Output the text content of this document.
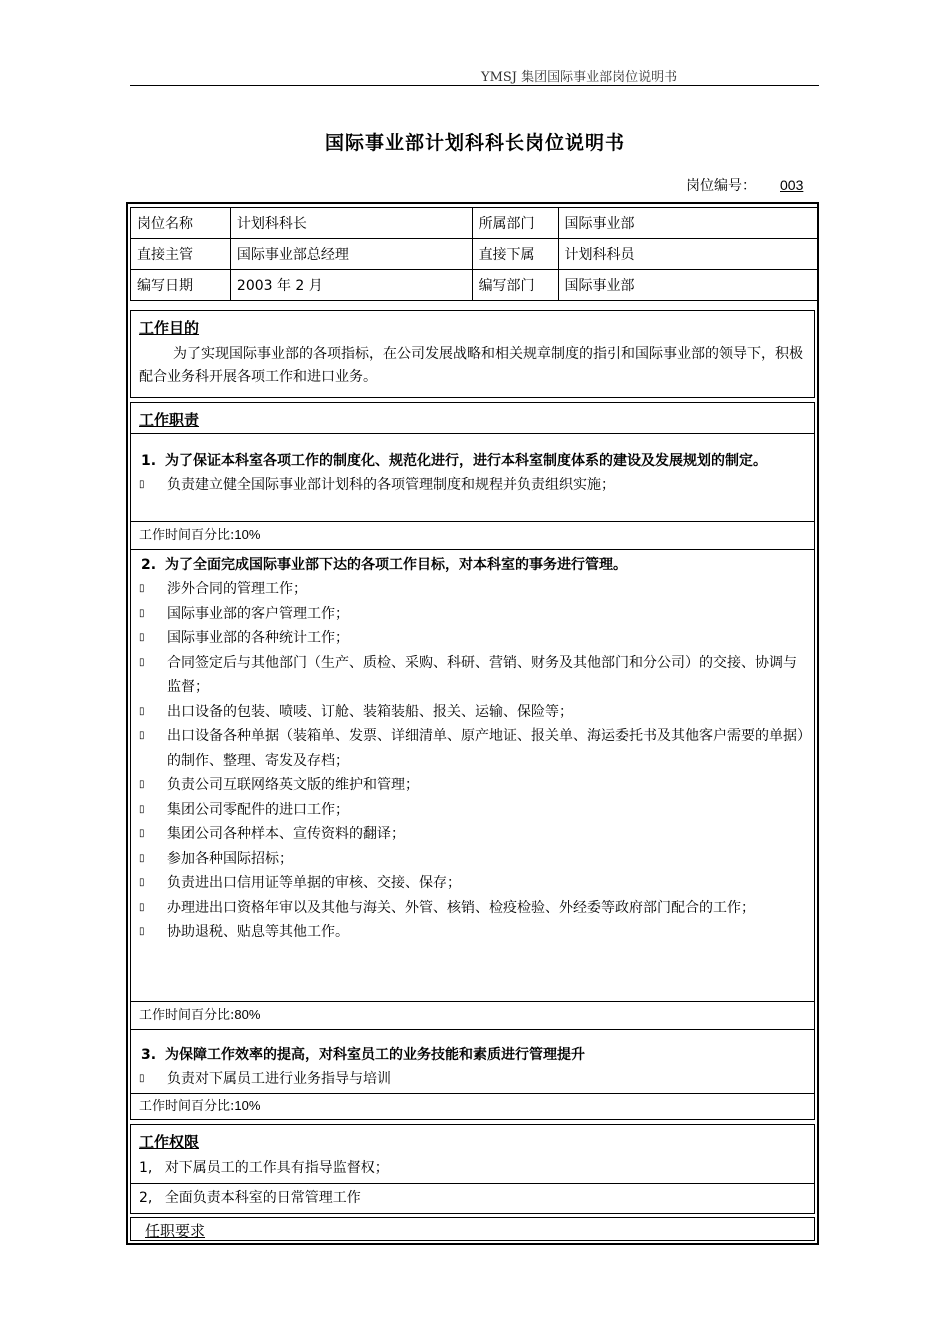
YMSJ 集团国际事业部岗位说明书
国际事业部计划科科长岗位说明书
岗位编号： 003
岗位名称	计划科科长	所属部门	国际事业部
直接主管	国际事业部总经理	直接下属	计划科科员
编写日期	2003 年 2 月	编写部门	国际事业部
工作目的
为了实现国际事业部的各项指标，在公司发展战略和相关规章制度的指引和国际事业部的领导下，积极配合业务科开展各项工作和进口业务。
工作职责
1. 为了保证本科室各项工作的制度化、规范化进行，进行本科室制度体系的建设及发展规划的制定。
▯ 负责建立健全国际事业部计划科的各项管理制度和规程并负责组织实施；
工作时间百分比:10%
2. 为了全面完成国际事业部下达的各项工作目标，对本科室的事务进行管理。
▯ 涉外合同的管理工作；
▯ 国际事业部的客户管理工作；
▯ 国际事业部的各种统计工作；
▯ 合同签定后与其他部门（生产、质检、采购、科研、营销、财务及其他部门和分公司）的交接、协调与监督；
▯ 出口设备的包装、喷唛、订舱、装箱装船、报关、运输、保险等；
▯ 出口设备各种单据（装箱单、发票、详细清单、原产地证、报关单、海运委托书及其他客户需要的单据）的制作、整理、寄发及存档；
▯ 负责公司互联网络英文版的维护和管理；
▯ 集团公司零配件的进口工作；
▯ 集团公司各种样本、宣传资料的翻译；
▯ 参加各种国际招标；
▯ 负责进出口信用证等单据的审核、交接、保存；
▯ 办理进出口资格年审以及其他与海关、外管、核销、检疫检验、外经委等政府部门配合的工作；
▯ 协助退税、贴息等其他工作。
工作时间百分比:80%
3. 为保障工作效率的提高，对科室员工的业务技能和素质进行管理提升
▯ 负责对下属员工进行业务指导与培训
工作时间百分比:10%
工作权限
1, 对下属员工的工作具有指导监督权；
2, 全面负责本科室的日常管理工作
任职要求
